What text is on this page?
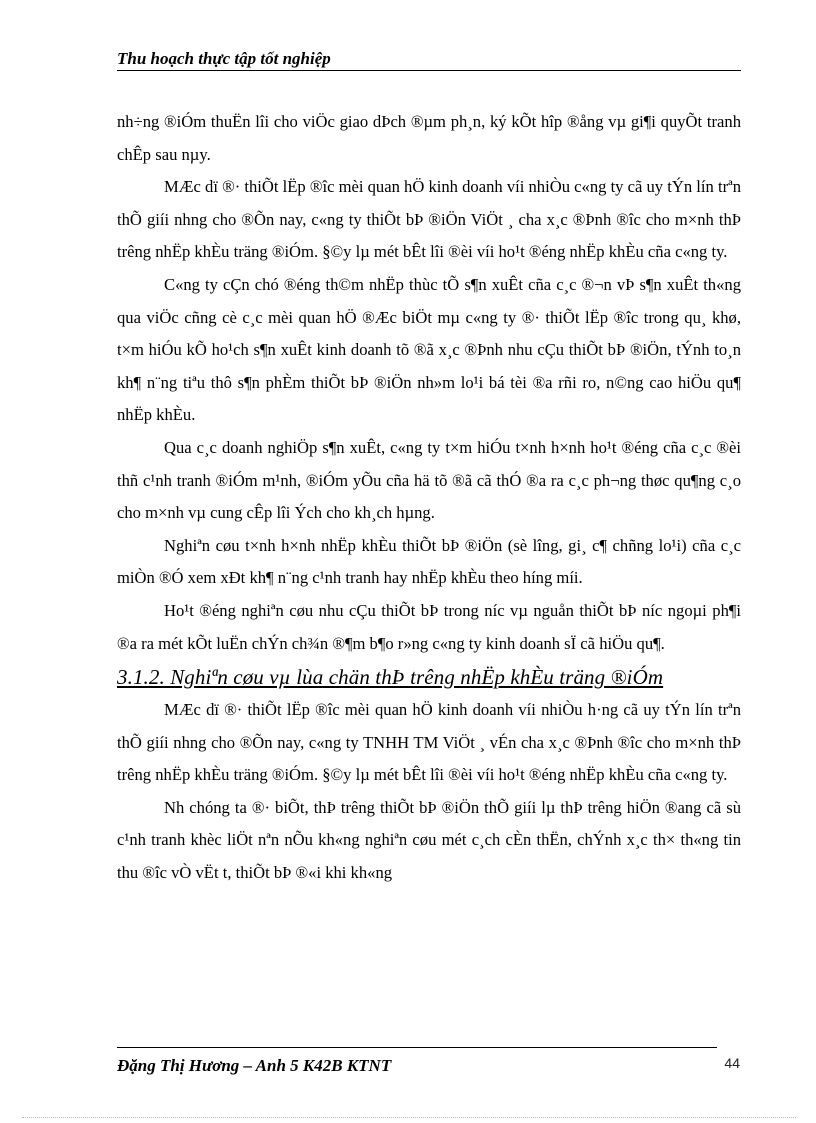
Thu hoạch thực tập tốt nghiệp

nh÷ng ®iÓm thuËn lîi cho viÖc giao dÞch ®µm ph¸n, ký kÕt hîp ®ång vµ gi¶i quyÕt tranh chÊp sau nµy.

MÆc dï ®· thiÕt lËp ®îc mèi quan hÖ kinh doanh víi nhiÒu c«ng ty cã uy tÝn lín trªn thÕ giíi nhng cho ®Õn nay, c«ng ty thiÕt bÞ ®iÖn ViÖt ¸ cha x¸c ®Þnh ®îc cho m×nh thÞ trêng nhËp khÈu träng ®iÓm. §©y lµ mét bÊt lîi ®èi víi ho¹t ®éng nhËp khÈu cña c«ng ty.

C«ng ty cÇn chó ®éng th©m nhËp thùc tÕ s¶n xuÊt cña c¸c ®¬n vÞ s¶n xuÊt th«ng qua viÖc cñng cè c¸c mèi quan hÖ ®Æc biÖt mµ c«ng ty ®· thiÕt lËp ®îc trong qu¸ khø, t×m hiÓu kÕ ho¹ch s¶n xuÊt kinh doanh tõ ®ã x¸c ®Þnh nhu cÇu thiÕt bÞ ®iÖn, tÝnh to¸n kh¶ n¨ng tiªu thô s¶n phÈm thiÕt bÞ ®iÖn nh»m lo¹i bá tèi ®a rñi ro, n©ng cao hiÖu qu¶ nhËp khÈu.

Qua c¸c doanh nghiÖp s¶n xuÊt, c«ng ty t×m hiÓu t×nh h×nh ho¹t ®éng cña c¸c ®èi thñ c¹nh tranh ®iÓm m¹nh, ®iÓm yÕu cña hä tõ ®ã cã thÓ ®a ra c¸c ph¬ng thøc qu¶ng c¸o cho m×nh vµ cung cÊp lîi Ých cho kh¸ch hµng.

Nghiªn cøu t×nh h×nh nhËp khÈu thiÕt bÞ ®iÖn (sè lîng, gi¸ c¶ chñng lo¹i) cña c¸c miÒn ®Ó xem xÐt kh¶ n¨ng c¹nh tranh hay nhËp khÈu theo híng míi.

Ho¹t ®éng nghiªn cøu nhu cÇu thiÕt bÞ trong níc vµ nguån thiÕt bÞ níc ngoµi ph¶i ®a ra mét kÕt luËn chÝn ch¾n ®¶m b¶o r»ng c«ng ty kinh doanh sÏ cã hiÖu qu¶.

3.1.2. Nghiªn cøu vµ lùa chän thÞ trêng nhËp khÈu träng ®iÓm

MÆc dï ®· thiÕt lËp ®îc mèi quan hÖ kinh doanh víi nhiÒu h·ng cã uy tÝn lín trªn thÕ giíi nhng cho ®Õn nay, c«ng ty TNHH TM ViÖt ¸ vÉn cha x¸c ®Þnh ®îc cho m×nh thÞ trêng nhËp khÈu träng ®iÓm. §©y lµ mét bÊt lîi ®èi víi ho¹t ®éng nhËp khÈu cña c«ng ty.

Nh chóng ta ®· biÕt, thÞ trêng thiÕt bÞ ®iÖn thÕ giíi lµ thÞ trêng hiÖn ®ang cã sù c¹nh tranh khèc liÖt nªn nÕu kh«ng nghiªn cøu mét c¸ch cÈn thËn, chÝnh x¸c th× th«ng tin thu ®îc vÒ vËt t, thiÕt bÞ ®«i khi kh«ng

Đặng Thị Hương – Anh 5 K42B KTNT	44
